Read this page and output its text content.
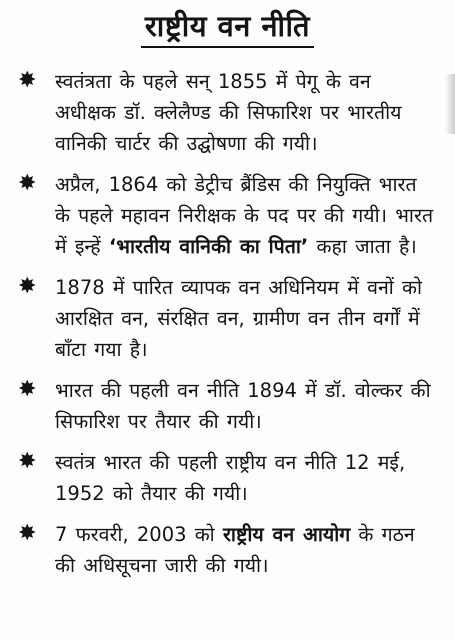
राष्ट्रीय वन नीति
✸ स्वतंत्रता के पहले सन् 1855 में पेगू के वन अधीक्षक डॉ. क्लेलैण्ड की सिफारिश पर भारतीय वानिकी चार्टर की उद्घोषणा की गयी।
✸ अप्रैल, 1864 को डेट्रीच ब्रैंडिस की नियुक्ति भारत के पहले महावन निरीक्षक के पद पर की गयी। भारत में इन्हें ‘भारतीय वानिकी का पिता’ कहा जाता है।
✸ 1878 में पारित व्यापक वन अधिनियम में वनों को आरक्षित वन, संरक्षित वन, ग्रामीण वन तीन वर्गों में बाँटा गया है।
✸ भारत की पहली वन नीति 1894 में डॉ. वोल्कर की सिफारिश पर तैयार की गयी।
✸ स्वतंत्र भारत की पहली राष्ट्रीय वन नीति 12 मई, 1952 को तैयार की गयी।
✸ 7 फरवरी, 2003 को राष्ट्रीय वन आयोग के गठन की अधिसूचना जारी की गयी।
